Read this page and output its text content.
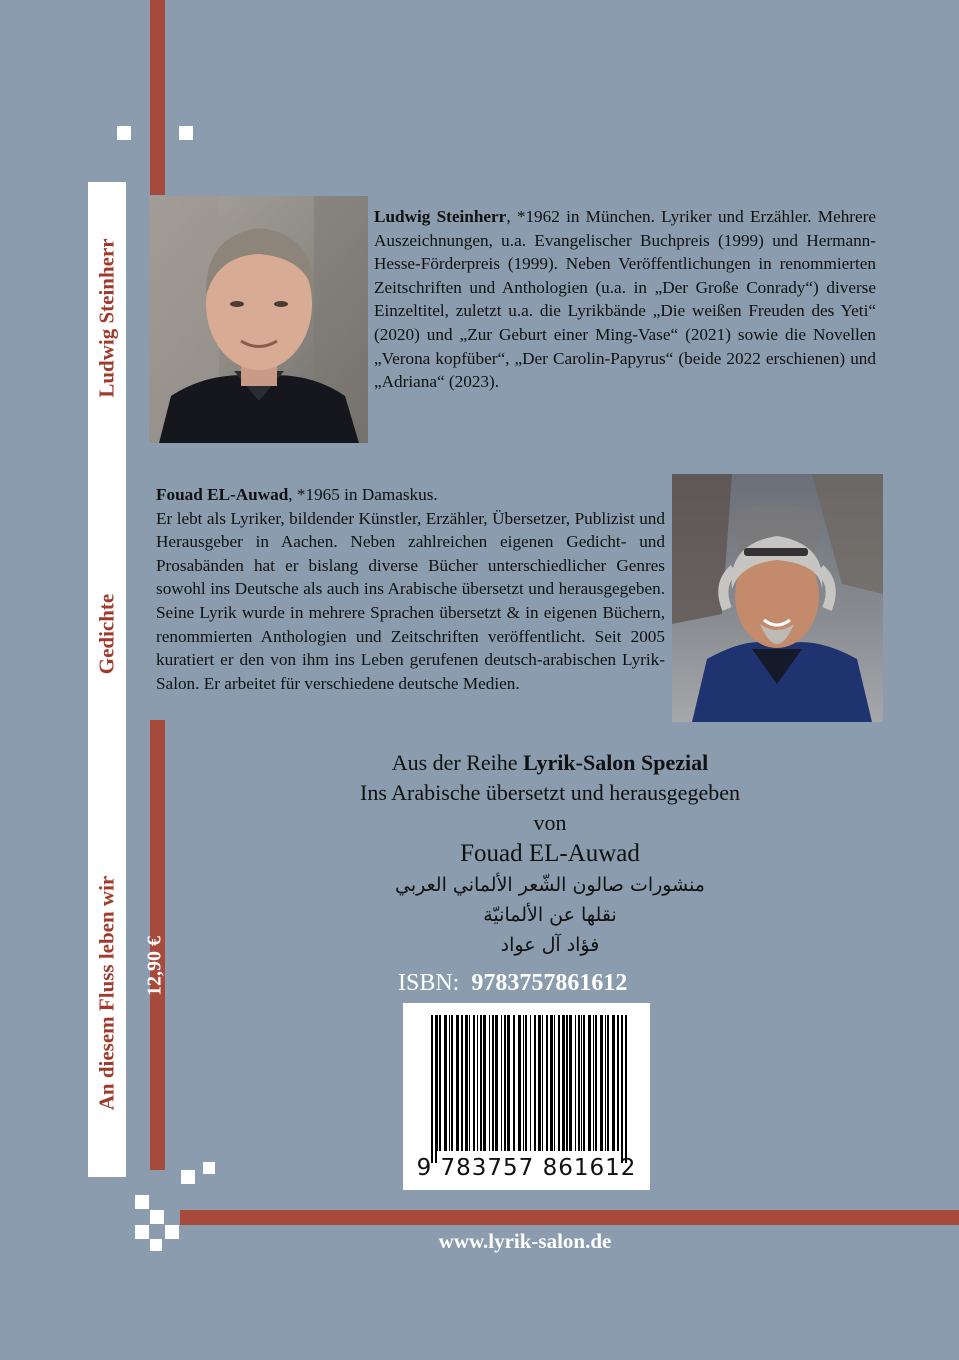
Ludwig Steinherr
Gedichte
An diesem Fluss leben wir 12,90 €
Ludwig Steinherr, *1962 in München. Lyriker und Erzähler. Mehrere Auszeichnungen, u.a. Evangelischer Buchpreis (1999) und Hermann-Hesse-Förderpreis (1999). Neben Veröffentlichungen in renommierten Zeitschriften und Anthologien (u.a. in „Der Große Conrady“) diverse Einzeltitel, zuletzt u.a. die Lyrikbände „Die weißen Freuden des Yeti“ (2020) und „Zur Geburt einer Ming-Vase“ (2021) sowie die Novellen „Verona kopfüber“, „Der Carolin-Papyrus“ (beide 2022 erschienen) und „Adriana“ (2023).
Fouad EL-Auwad, *1965 in Damaskus.
Er lebt als Lyriker, bildender Künstler, Erzähler, Übersetzer, Publizist und Herausgeber in Aachen. Neben zahlreichen eigenen Gedicht- und Prosabänden hat er bislang diverse Bücher unterschiedlicher Genres sowohl ins Deutsche als auch ins Arabische übersetzt und herausgegeben. Seine Lyrik wurde in mehrere Sprachen übersetzt & in eigenen Büchern, renommierten Anthologien und Zeitschriften veröffentlicht. Seit 2005 kuratiert er den von ihm ins Leben gerufenen deutsch-arabischen Lyrik-Salon. Er arbeitet für verschiedene deutsche Medien.
Aus der Reihe Lyrik-Salon Spezial
Ins Arabische übersetzt und herausgegeben
von
Fouad EL-Auwad
منشورات صالون الشّعر الألماني العربي
نقلها عن الألمانيّة
فؤاد آل عواد
ISBN: 9783757861612
9 783757 861612
www.lyrik-salon.de
